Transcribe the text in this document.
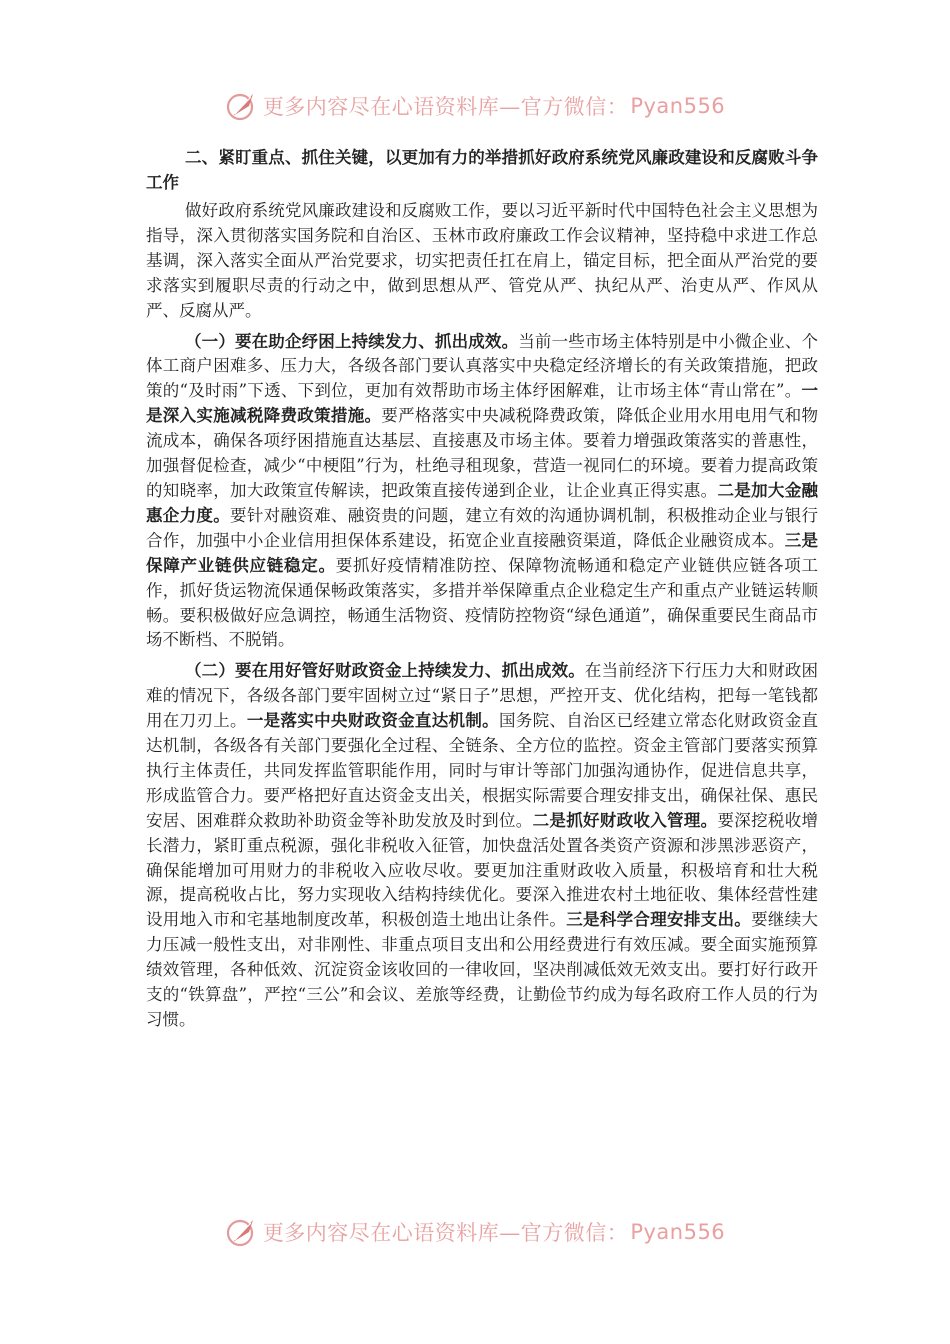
更多内容尽在心语资料库—官方微信： Pyan556

二、紧盯重点、抓住关键，以更加有力的举措抓好政府系统党风廉政建设和反腐败斗争工作

做好政府系统党风廉政建设和反腐败工作，要以习近平新时代中国特色社会主义思想为指导，深入贯彻落实国务院和自治区、玉林市政府廉政工作会议精神，坚持稳中求进工作总基调，深入落实全面从严治党要求，切实把责任扛在肩上，锚定目标，把全面从严治党的要求落实到履职尽责的行动之中，做到思想从严、管党从严、执纪从严、治吏从严、作风从严、反腐从严。

（一）要在助企纾困上持续发力、抓出成效。当前一些市场主体特别是中小微企业、个体工商户困难多、压力大，各级各部门要认真落实中央稳定经济增长的有关政策措施，把政策的“及时雨”下透、下到位，更加有效帮助市场主体纾困解难，让市场主体“青山常在”。一是深入实施减税降费政策措施。要严格落实中央减税降费政策，降低企业用水用电用气和物流成本，确保各项纾困措施直达基层、直接惠及市场主体。要着力增强政策落实的普惠性，加强督促检查，减少“中梗阻”行为，杜绝寻租现象，营造一视同仁的环境。要着力提高政策的知晓率，加大政策宣传解读，把政策直接传递到企业，让企业真正得实惠。二是加大金融惠企力度。要针对融资难、融资贵的问题，建立有效的沟通协调机制，积极推动企业与银行合作，加强中小企业信用担保体系建设，拓宽企业直接融资渠道，降低企业融资成本。三是保障产业链供应链稳定。要抓好疫情精准防控、保障物流畅通和稳定产业链供应链各项工作，抓好货运物流保通保畅政策落实，多措并举保障重点企业稳定生产和重点产业链运转顺畅。要积极做好应急调控，畅通生活物资、疫情防控物资“绿色通道”，确保重要民生商品市场不断档、不脱销。

（二）要在用好管好财政资金上持续发力、抓出成效。在当前经济下行压力大和财政困难的情况下，各级各部门要牢固树立过“紧日子”思想，严控开支、优化结构，把每一笔钱都用在刀刃上。一是落实中央财政资金直达机制。国务院、自治区已经建立常态化财政资金直达机制，各级各有关部门要强化全过程、全链条、全方位的监控。资金主管部门要落实预算执行主体责任，共同发挥监管职能作用，同时与审计等部门加强沟通协作，促进信息共享，形成监管合力。要严格把好直达资金支出关，根据实际需要合理安排支出，确保社保、惠民安居、困难群众救助补助资金等补助发放及时到位。二是抓好财政收入管理。要深挖税收增长潜力，紧盯重点税源，强化非税收入征管，加快盘活处置各类资产资源和涉黑涉恶资产，确保能增加可用财力的非税收入应收尽收。要更加注重财政收入质量，积极培育和壮大税源，提高税收占比，努力实现收入结构持续优化。要深入推进农村土地征收、集体经营性建设用地入市和宅基地制度改革，积极创造土地出让条件。三是科学合理安排支出。要继续大力压减一般性支出，对非刚性、非重点项目支出和公用经费进行有效压减。要全面实施预算绩效管理，各种低效、沉淀资金该收回的一律收回，坚决削减低效无效支出。要打好行政开支的“铁算盘”，严控“三公”和会议、差旅等经费，让勤俭节约成为每名政府工作人员的行为习惯。

更多内容尽在心语资料库—官方微信： Pyan556
